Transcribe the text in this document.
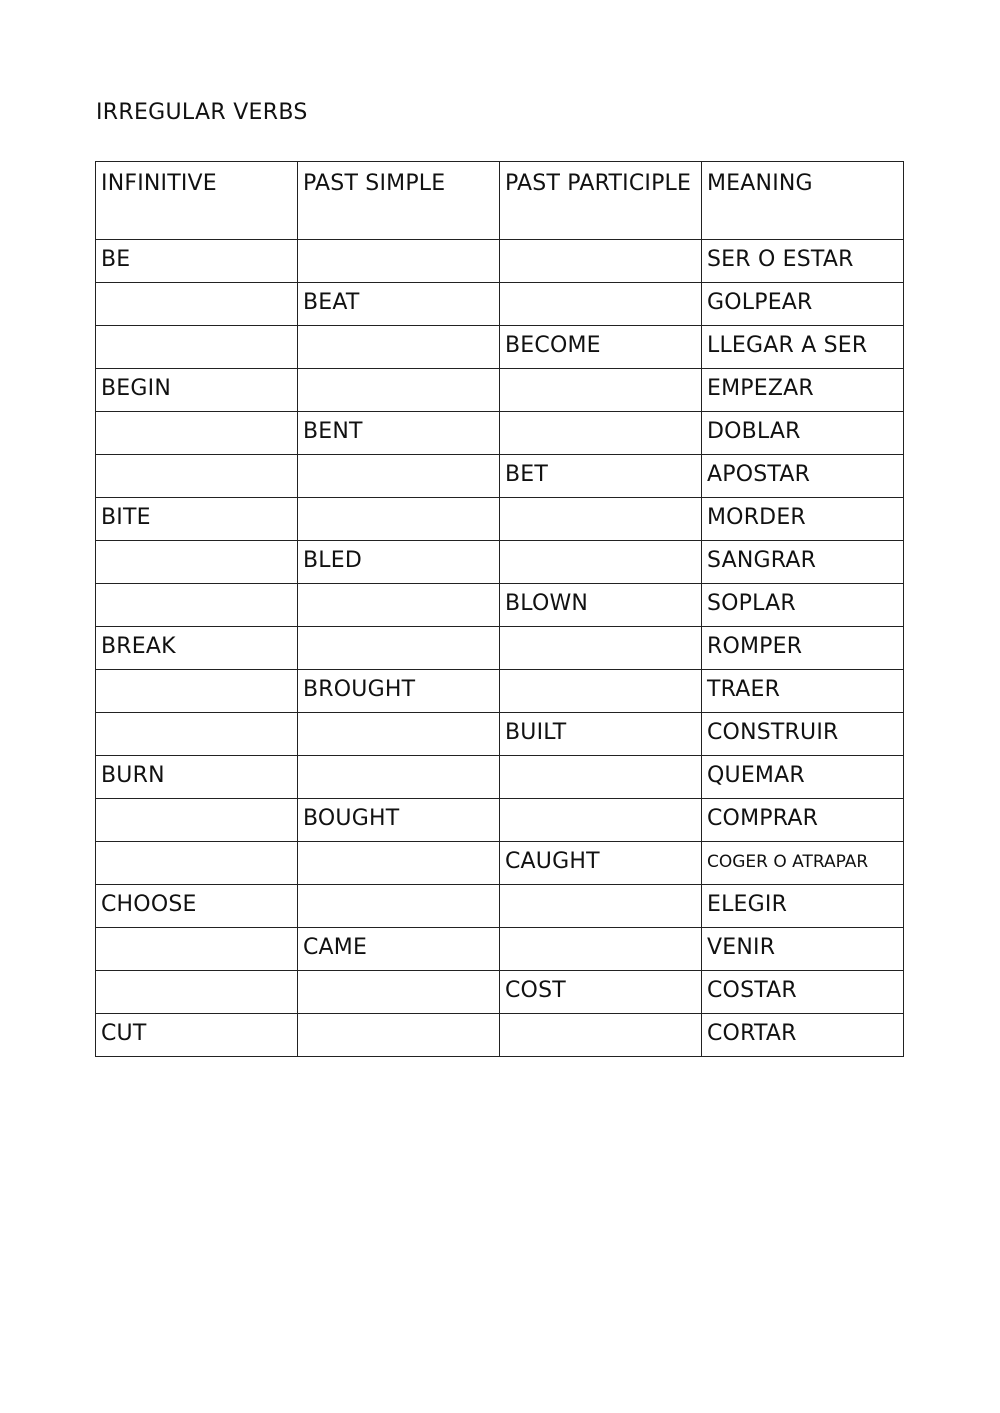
IRREGULAR VERBS
INFINITIVE	PAST SIMPLE	PAST PARTICIPLE	MEANING
BE			SER O ESTAR
	BEAT		GOLPEAR
		BECOME	LLEGAR A SER
BEGIN			EMPEZAR
	BENT		DOBLAR
		BET	APOSTAR
BITE			MORDER
	BLED		SANGRAR
		BLOWN	SOPLAR
BREAK			ROMPER
	BROUGHT		TRAER
		BUILT	CONSTRUIR
BURN			QUEMAR
	BOUGHT		COMPRAR
		CAUGHT	COGER O ATRAPAR
CHOOSE			ELEGIR
	CAME		VENIR
		COST	COSTAR
CUT			CORTAR
